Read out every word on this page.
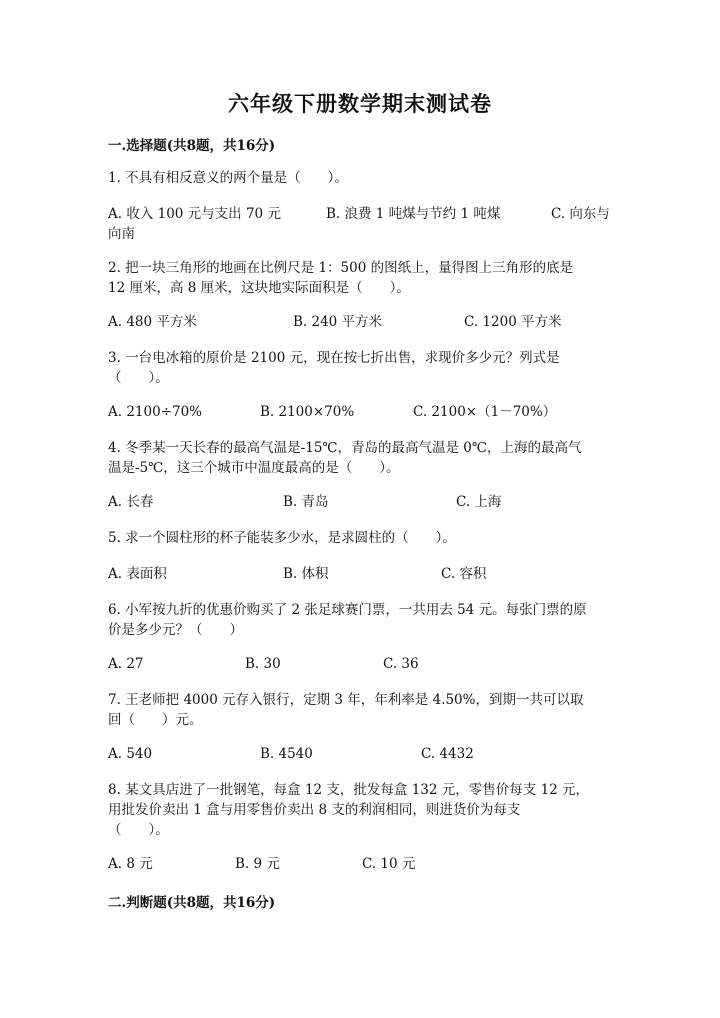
六年级下册数学期末测试卷
一.选择题(共8题，共16分)
1. 不具有相反意义的两个量是（　　）。
A. 收入 100 元与支出 70 元	B. 浪费 1 吨煤与节约 1 吨煤	C. 向东与
向南
2. 把一块三角形的地画在比例尺是 1：500 的图纸上，量得图上三角形的底是
12 厘米，高 8 厘米，这块地实际面积是（　　）。
A. 480 平方米	B. 240 平方米	C. 1200 平方米
3. 一台电冰箱的原价是 2100 元，现在按七折出售，求现价多少元？列式是
（　　）。
A. 2100÷70%	B. 2100×70%	C. 2100×（1－70%）
4. 冬季某一天长春的最高气温是-15℃，青岛的最高气温是 0℃，上海的最高气
温是-5℃，这三个城市中温度最高的是（　　）。
A. 长春	B. 青岛	C. 上海
5. 求一个圆柱形的杯子能装多少水，是求圆柱的（　　）。
A. 表面积	B. 体积	C. 容积
6. 小军按九折的优惠价购买了 2 张足球赛门票，一共用去 54 元。每张门票的原
价是多少元？（　　）
A. 27	B. 30	C. 36
7. 王老师把 4000 元存入银行，定期 3 年，年利率是 4.50%，到期一共可以取
回（　　）元。
A. 540	B. 4540	C. 4432
8. 某文具店进了一批钢笔，每盒 12 支，批发每盒 132 元，零售价每支 12 元，
用批发价卖出 1 盒与用零售价卖出 8 支的利润相同，则进货价为每支
（　　）。
A. 8 元	B. 9 元	C. 10 元
二.判断题(共8题，共16分)
